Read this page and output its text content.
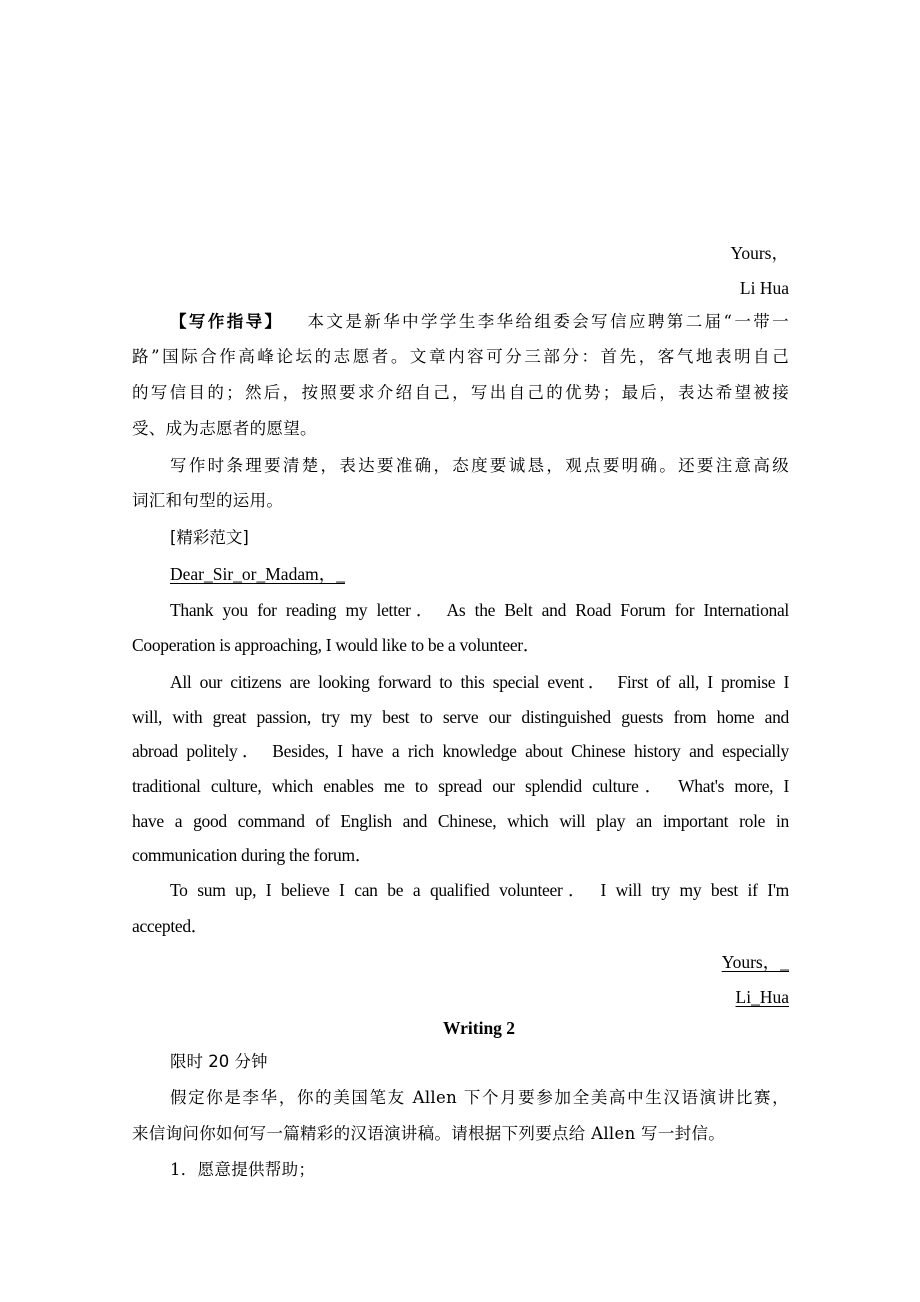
Yours，
Li Hua
【写作指导】 本文是新华中学学生李华给组委会写信应聘第二届“一带一
路”国际合作高峰论坛的志愿者。文章内容可分三部分：首先，客气地表明自己
的写信目的；然后，按照要求介绍自己，写出自己的优势；最后，表达希望被接
受、成为志愿者的愿望。
写作时条理要清楚，表达要准确，态度要诚恳，观点要明确。还要注意高级
词汇和句型的运用。
[精彩范文]
Dear_Sir_or_Madam，_
Thank you for reading my letter． As the Belt and Road Forum for International
Cooperation is approaching, I would like to be a volunteer．
All our citizens are looking forward to this special event． First of all, I promise I
will, with great passion, try my best to serve our distinguished guests from home and
abroad politely． Besides, I have a rich knowledge about Chinese history and especially
traditional culture, which enables me to spread our splendid culture． What's more, I
have a good command of English and Chinese, which will play an important role in
communication during the forum．
To sum up, I believe I can be a qualified volunteer． I will try my best if I'm
accepted．
Yours，_
Li_Hua
Writing 2
限时 20 分钟
假定你是李华，你的美国笔友 Allen 下个月要参加全美高中生汉语演讲比赛，
来信询问你如何写一篇精彩的汉语演讲稿。请根据下列要点给 Allen 写一封信。
1．愿意提供帮助；
